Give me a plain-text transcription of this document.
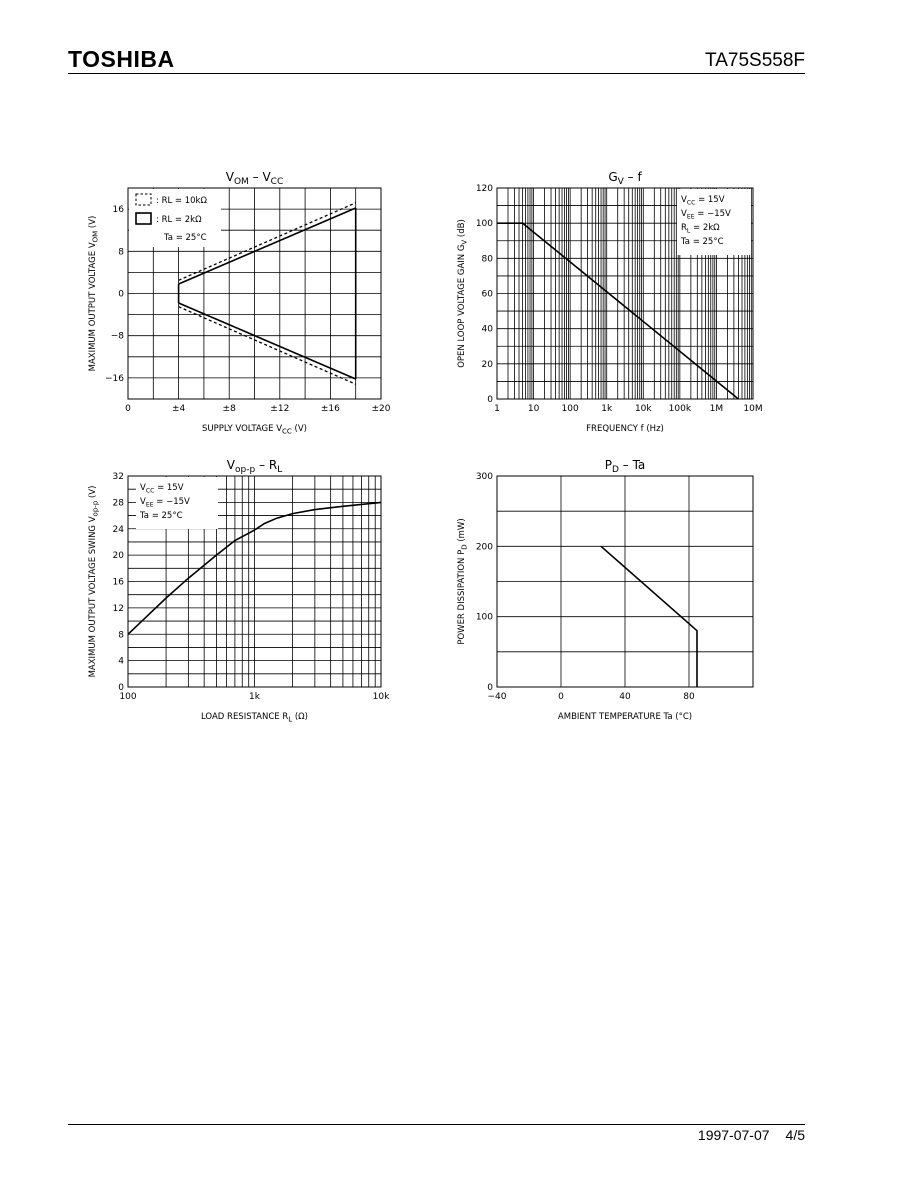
TOSHIBA	TA75S558F
0	±4	±8	±12	±16	±20
16
8
0
−8
−16
$V_{OM} - V_{CC}$
SUPPLY VOLTAGE $V_{CC}$ (V)
MAXIMUM OUTPUT VOLTAGE $V_{OM}$ (V)
: RL = 10kΩ
: RL = 2kΩ
Ta = 25°C
1	10 100	1k	10k 100k 1M 10M
0
20
40
60
80
100
120
$G_V$ – f
FREQUENCY f (Hz)
OPEN LOOP VOLTAGE GAIN $G_V$ (dB)
$V_{CC} = 15V$
$V_{EE} = -15V$
$R_L = 2k\Omega$
Ta = 25°C
100	1k	10k
0
4
8
12
16
20
24
28
32
$V_{op-p} - R_L$
LOAD RESISTANCE $R_L$ (Ω)
MAXIMUM OUTPUT VOLTAGE SWING $V_{op-p}$ (V)	$V_{CC} = 15V$
$V_{EE} = -15V$
Ta = 25°C
−40	0	40	80
0
100
200
300
$P_D$ – Ta
AMBIENT TEMPERATURE Ta (°C)
POWER DISSIPATION $P_D$ (mW)
1997-07-07 4/5
